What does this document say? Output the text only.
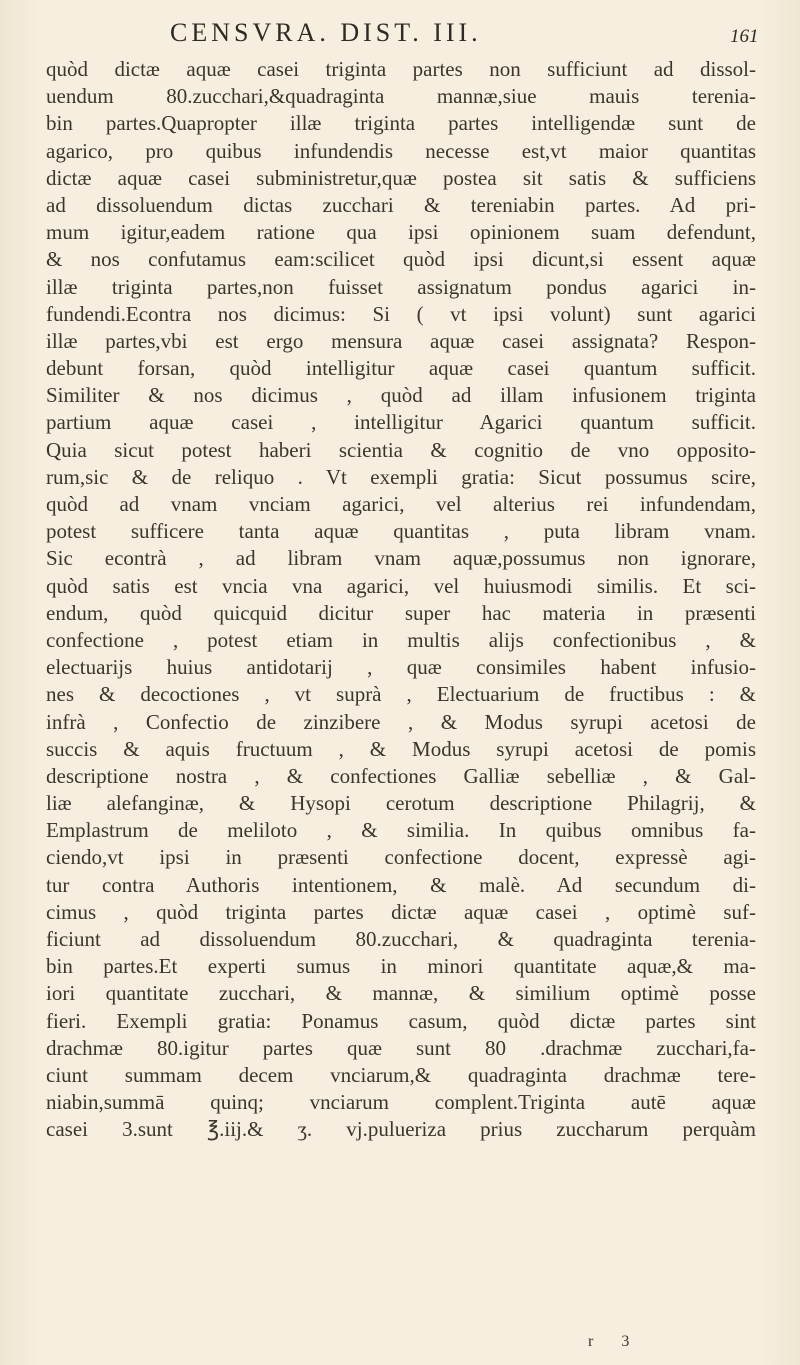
CENSVRA. DIST. III.	161
quòd dictæ aquæ casei triginta partes non sufficiunt ad dissol-
uendum 80.zucchari,&quadraginta mannæ,siue mauis terenia-
bin partes.Quapropter illæ triginta partes intelligendæ sunt de
agarico, pro quibus infundendis necesse est,vt maior quantitas
dictæ aquæ casei subministretur,quæ postea sit satis & sufficiens
ad dissoluendum dictas zucchari & tereniabin partes. Ad pri-
mum igitur,eadem ratione qua ipsi opinionem suam defendunt,
& nos confutamus eam:scilicet quòd ipsi dicunt,si essent aquæ
illæ triginta partes,non fuisset assignatum pondus agarici in-
fundendi.Econtra nos dicimus: Si ( vt ipsi volunt) sunt agarici
illæ partes,vbi est ergo mensura aquæ casei assignata? Respon-
debunt forsan, quòd intelligitur aquæ casei quantum sufficit.
Similiter & nos dicimus , quòd ad illam infusionem triginta
partium aquæ casei , intelligitur Agarici quantum sufficit.
Quia sicut potest haberi scientia & cognitio de vno opposito-
rum,sic & de reliquo . Vt exempli gratia: Sicut possumus scire,
quòd ad vnam vnciam agarici, vel alterius rei infundendam,
potest sufficere tanta aquæ quantitas , puta libram vnam.
Sic econtrà , ad libram vnam aquæ,possumus non ignorare,
quòd satis est vncia vna agarici, vel huiusmodi similis. Et sci-
endum, quòd quicquid dicitur super hac materia in præsenti
confectione , potest etiam in multis alijs confectionibus , &
electuarijs huius antidotarij , quæ consimiles habent infusio-
nes & decoctiones , vt suprà , Electuarium de fructibus : &
infrà , Confectio de zinzibere , & Modus syrupi acetosi de
succis & aquis fructuum , & Modus syrupi acetosi de pomis
descriptione nostra , & confectiones Galliæ sebelliæ , & Gal-
liæ alefanginæ, & Hysopi cerotum descriptione Philagrij, &
Emplastrum de meliloto , & similia. In quibus omnibus fa-
ciendo,vt ipsi in præsenti confectione docent, expressè agi-
tur contra Authoris intentionem, & malè. Ad secundum di-
cimus , quòd triginta partes dictæ aquæ casei , optimè suf-
ficiunt ad dissoluendum 80.zucchari, & quadraginta terenia-
bin partes.Et experti sumus in minori quantitate aquæ,& ma-
iori quantitate zucchari, & mannæ, & similium optimè posse
fieri. Exempli gratia: Ponamus casum, quòd dictæ partes sint
drachmæ 80.igitur partes quæ sunt 80 .drachmæ zucchari,fa-
ciunt summam decem vnciarum,& quadraginta drachmæ tere-
niabin,summā quinq; vnciarum complent.Triginta autē aquæ
casei 3.sunt ℥.iij.& ʒ. vj.pulueriza prius zuccharum perquàm
r 3
